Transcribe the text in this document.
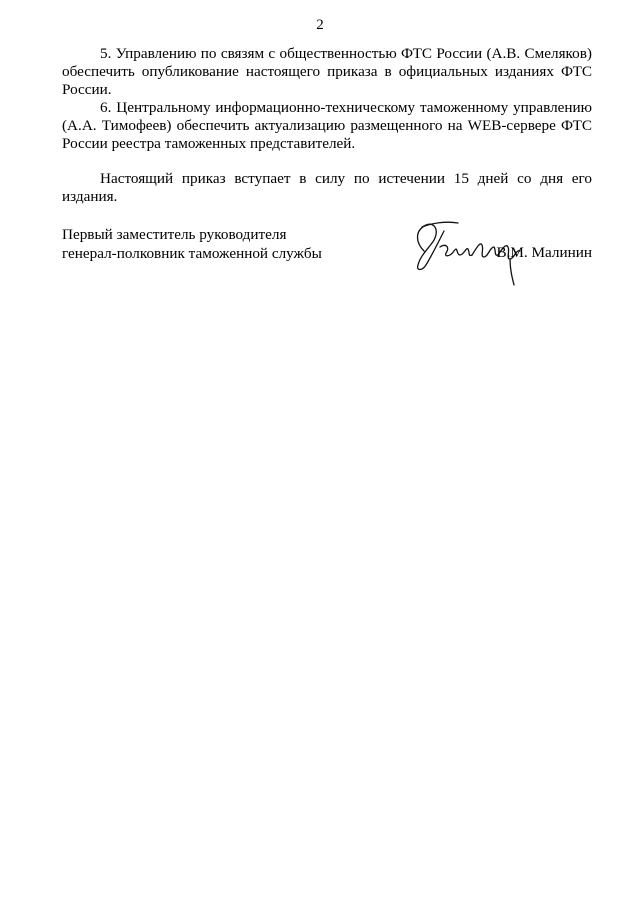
2

5. Управлению по связям с общественностью ФТС России (А.В. Смеляков) обеспечить опубликование настоящего приказа в официальных изданиях ФТС России.

6. Центральному информационно-техническому таможенному управлению (А.А. Тимофеев) обеспечить актуализацию размещенного на WEB-сервере ФТС России реестра таможенных представителей.

Настоящий приказ вступает в силу по истечении 15 дней со дня его издания.

Первый заместитель руководителя
генерал-полковник таможенной службы	В.М. Малинин
